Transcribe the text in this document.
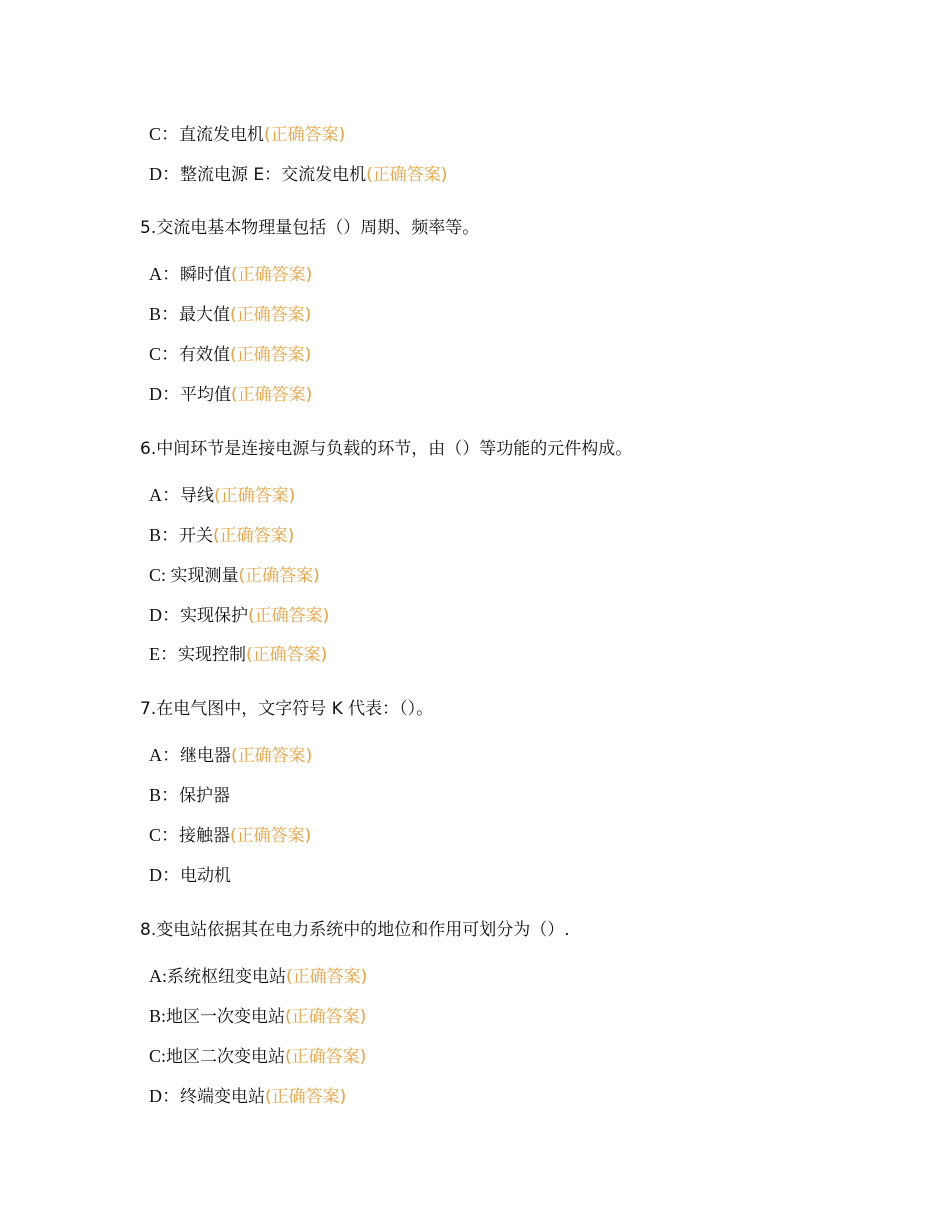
C：直流发电机(正确答案)
D：整流电源 E：交流发电机(正确答案)
5.交流电基本物理量包括（）周期、频率等。
A：瞬时值(正确答案)
B：最大值(正确答案)
C：有效值(正确答案)
D：平均值(正确答案)
6.中间环节是连接电源与负载的环节，由（）等功能的元件构成。
A：导线(正确答案)
B：开关(正确答案)
C: 实现测量(正确答案)
D：实现保护(正确答案)
E：实现控制(正确答案)
7.在电气图中，文字符号 K 代表：（）。
A：继电器(正确答案)
B：保护器
C：接触器(正确答案)
D：电动机
8.变电站依据其在电力系统中的地位和作用可划分为（）.
A:系统枢纽变电站(正确答案)
B:地区一次变电站(正确答案)
C:地区二次变电站(正确答案)
D：终端变电站(正确答案)
